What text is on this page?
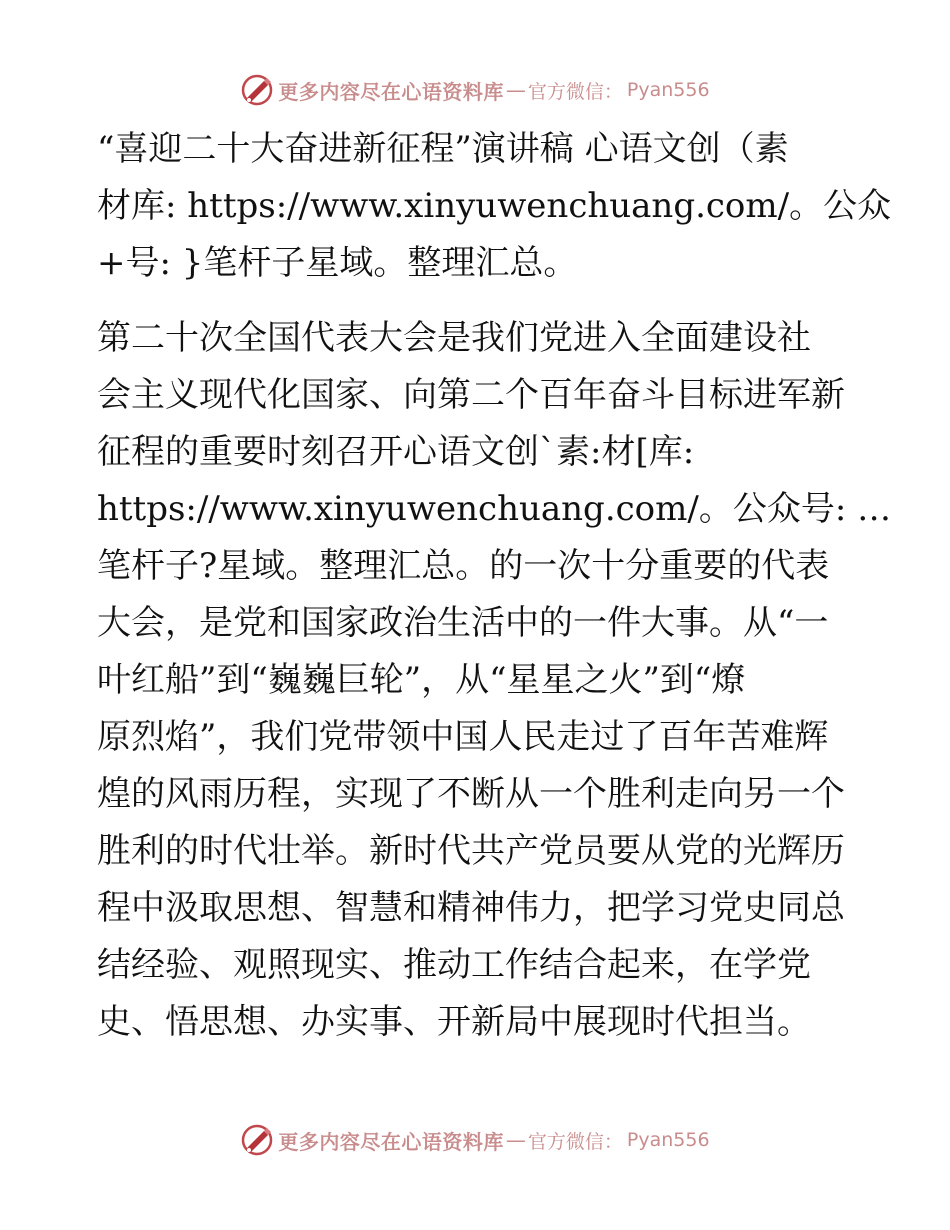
更多内容尽在心语资料库 — 官方微信： Pyan556
“喜迎二十大奋进新征程”演讲稿 心语文创（素
材库: https://www.xinyuwenchuang.com/。公众
+号: }笔杆子星域。整理汇总。
第二十次全国代表大会是我们党进入全面建设社
会主义现代化国家、向第二个百年奋斗目标进军新
征程的重要时刻召开心语文创`素:材[库:
https://www.xinyuwenchuang.com/。公众号: …
笔杆子?星域。整理汇总。的一次十分重要的代表
大会，是党和国家政治生活中的一件大事。从“一
叶红船”到“巍巍巨轮”，从“星星之火”到“燎
原烈焰”，我们党带领中国人民走过了百年苦难辉
煌的风雨历程，实现了不断从一个胜利走向另一个
胜利的时代壮举。新时代共产党员要从党的光辉历
程中汲取思想、智慧和精神伟力，把学习党史同总
结经验、观照现实、推动工作结合起来，在学党
史、悟思想、办实事、开新局中展现时代担当。
更多内容尽在心语资料库 — 官方微信： Pyan556
